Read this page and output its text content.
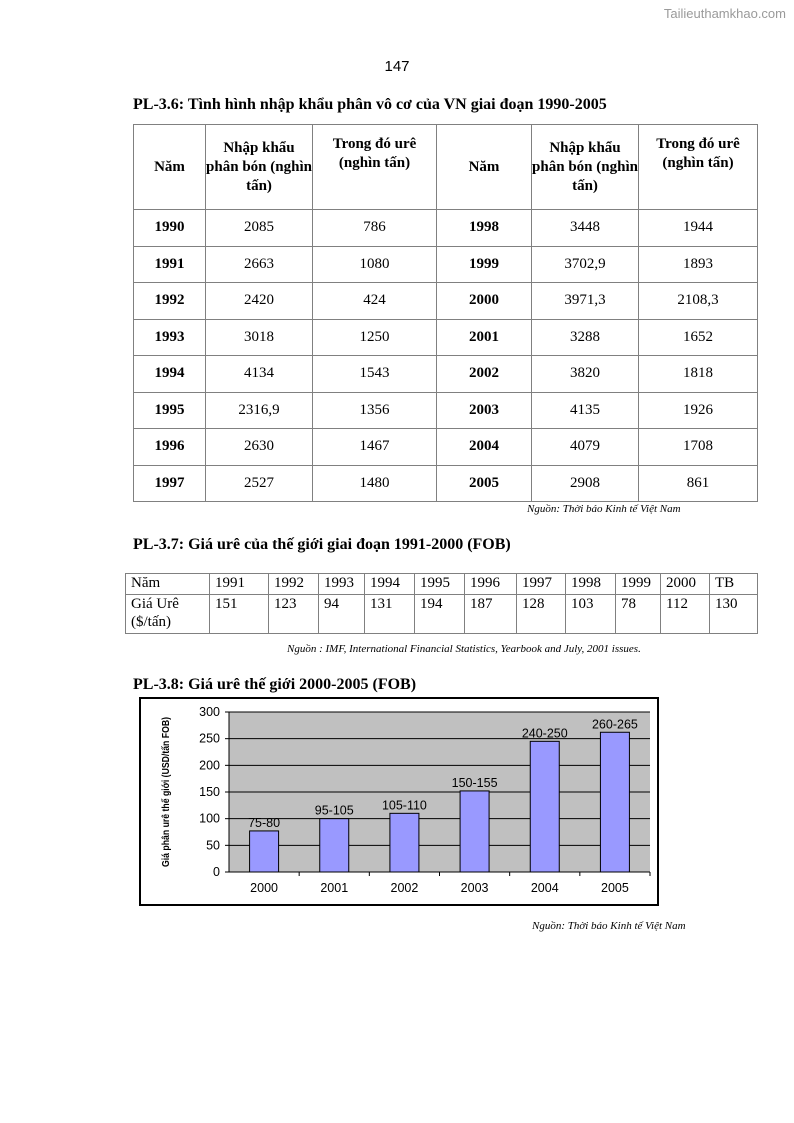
Tailieuthamkhao.com
147
PL-3.6: Tình hình nhập khẩu phân vô cơ của VN giai đoạn 1990-2005
Năm	Nhập khẩu phân bón (nghìn tấn)	Trong đó urê (nghìn tấn)	Năm	Nhập khẩu phân bón (nghìn tấn)	Trong đó urê (nghìn tấn)
1990	2085	786	1998	3448	1944
1991	2663	1080	1999	3702,9	1893
1992	2420	424	2000	3971,3	2108,3
1993	3018	1250	2001	3288	1652
1994	4134	1543	2002	3820	1818
1995	2316,9	1356	2003	4135	1926
1996	2630	1467	2004	4079	1708
1997	2527	1480	2005	2908	861
Nguồn: Thời báo Kinh tế Việt Nam
PL-3.7: Giá urê của thế giới giai đoạn 1991-2000 (FOB)
Năm	1991	1992	1993	1994	1995	1996	1997	1998	1999	2000	TB
Giá Urê ($/tấn)	151	123	94	131	194	187	128	103	78	112	130
Nguồn : IMF, International Financial Statistics, Yearbook and July, 2001 issues.
PL-3.8: Giá urê thế giới 2000-2005 (FOB)
0
50
100
150
200
250
300
2000
75-80
2001
95-105
2002
105-110
2003
150-155
2004
240-250
2005
260-265
Giá phân urê thế giới (USD/tấn FOB)
Nguồn: Thời báo Kinh tế Việt Nam
